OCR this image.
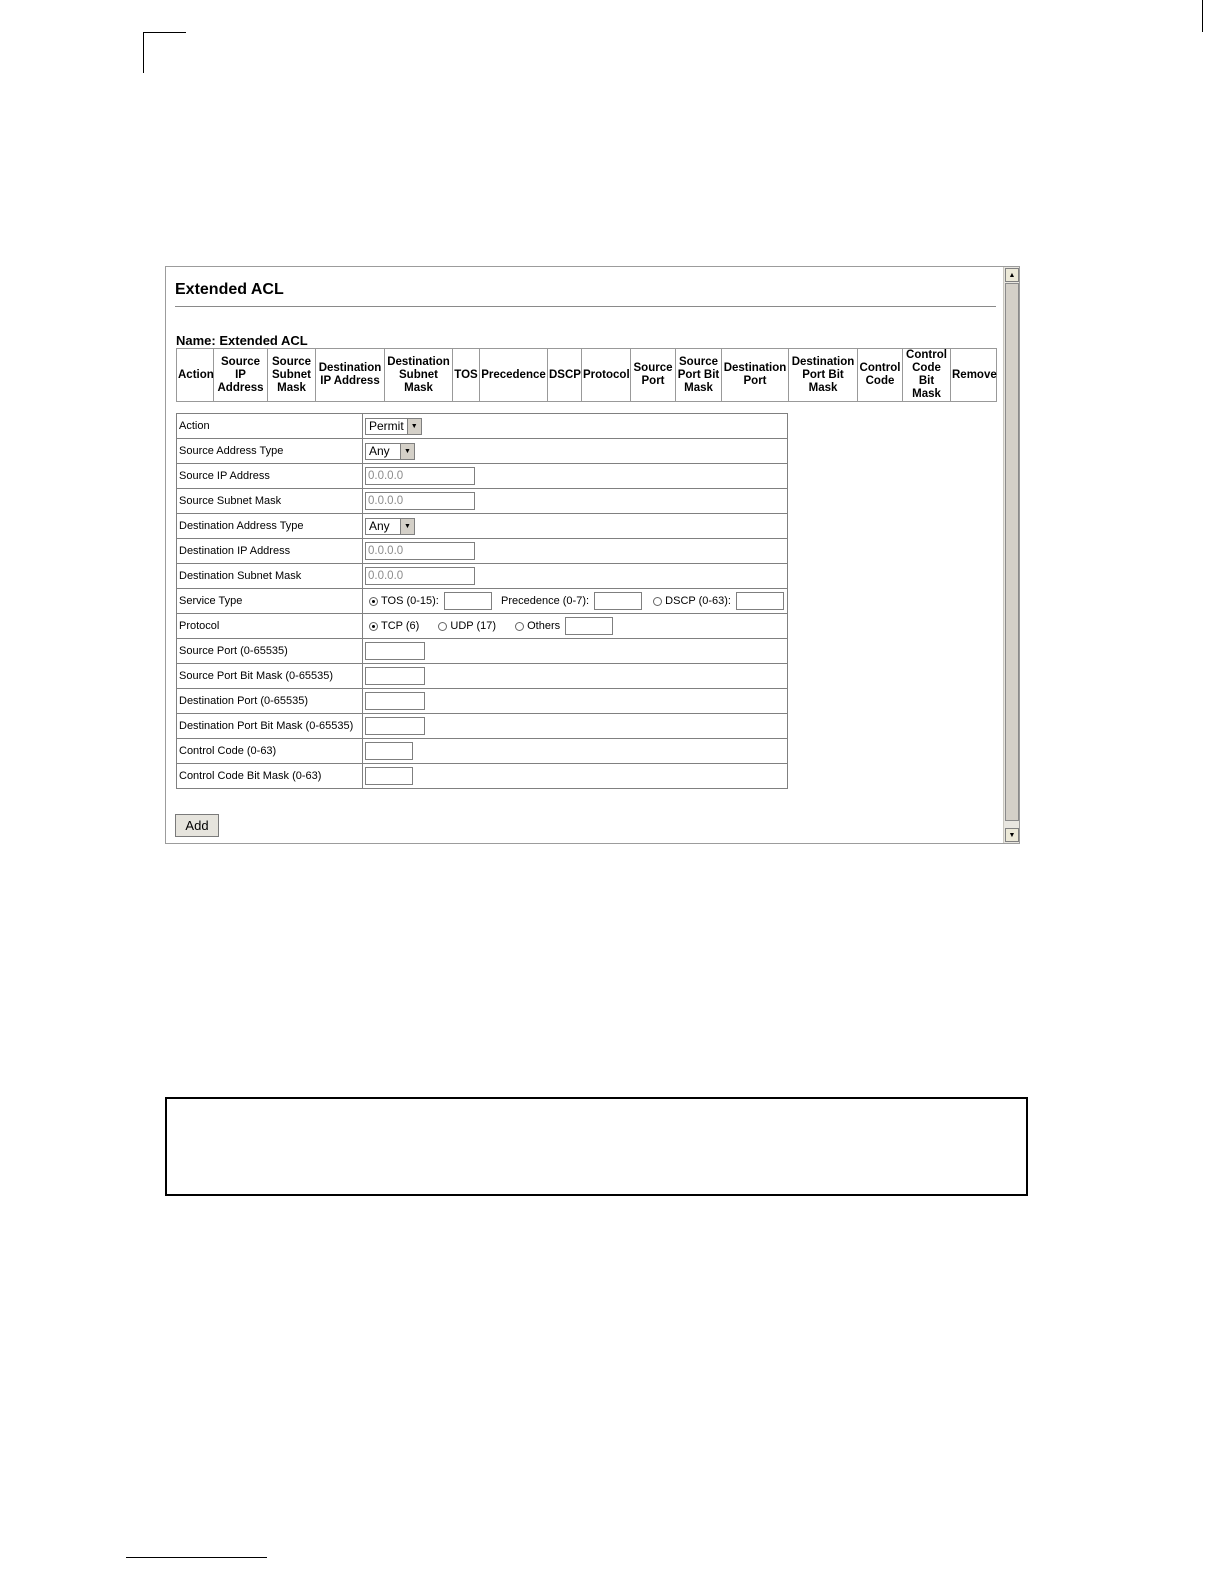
Extended ACL
Name: Extended ACL
Action	Source IP Address	Source Subnet Mask	Destination IP Address	Destination Subnet Mask	TOS	Precedence	DSCP	Protocol	Source Port	Source Port Bit Mask	Destination Port	Destination Port Bit Mask	Control Code	Control Code Bit Mask	Remove
Action	Permit ▼

Source Address Type	Any ▼

Source IP Address	0.0.0.0
Source Subnet Mask	0.0.0.0
Destination Address Type	Any ▼

Destination IP Address	0.0.0.0
Destination Subnet Mask	0.0.0.0
Service Type	TOS (0-15): Precedence (0-7): DSCP (0-63):
Protocol	TCP (6) UDP (17) Others
Source Port (0-65535)	
Source Port Bit Mask (0-65535)	
Destination Port (0-65535)	
Destination Port Bit Mask (0-65535)	
Control Code (0-63)	
Control Code Bit Mask (0-63)	
Add
▲
▼
